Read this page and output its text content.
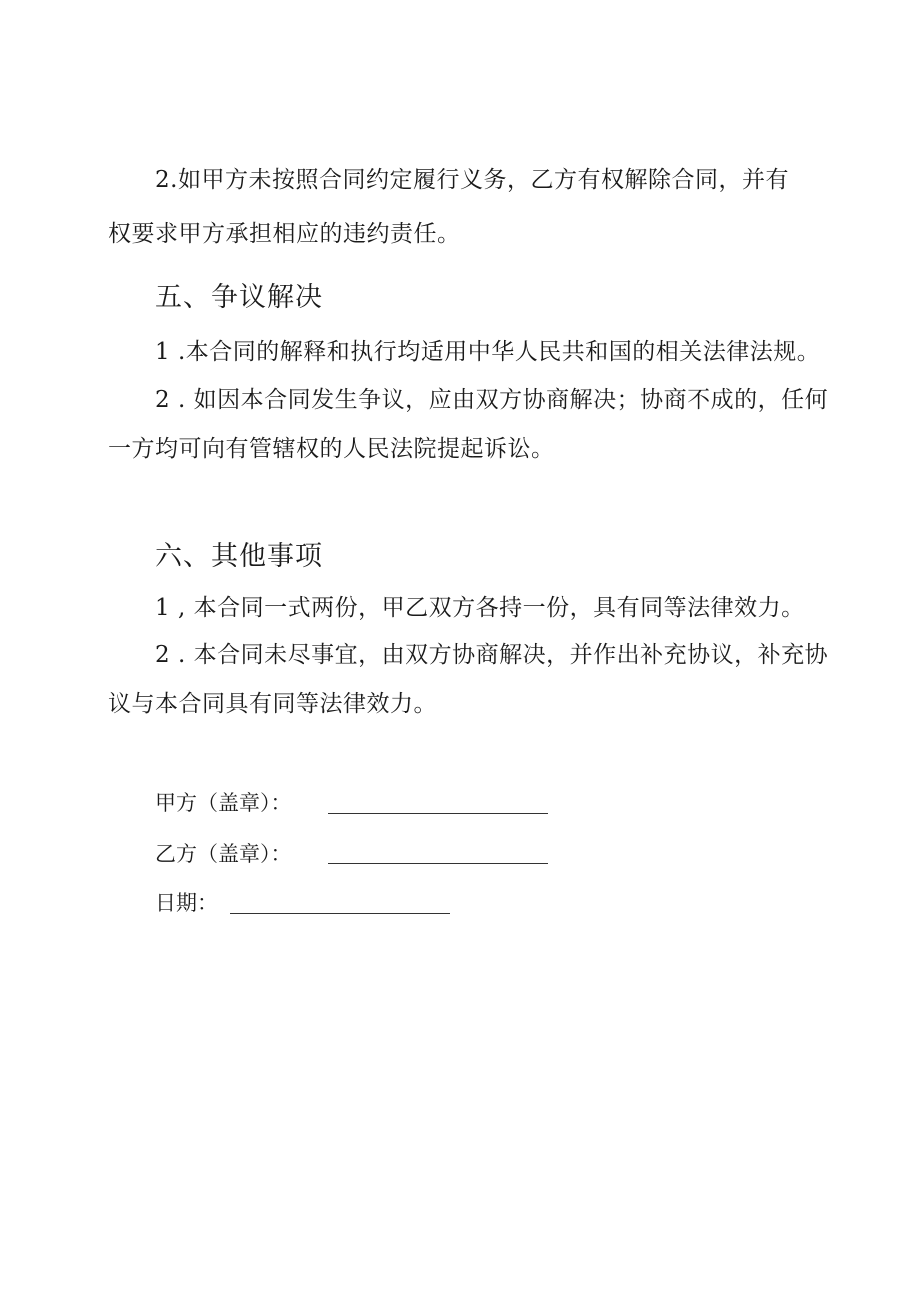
2.如甲方未按照合同约定履行义务，乙方有权解除合同，并有
权要求甲方承担相应的违约责任。
五、争议解决
1 .本合同的解释和执行均适用中华人民共和国的相关法律法规。
2 . 如因本合同发生争议，应由双方协商解决；协商不成的，任何
一方均可向有管辖权的人民法院提起诉讼。
六、其他事项
1 , 本合同一式两份，甲乙双方各持一份，具有同等法律效力。
2 . 本合同未尽事宜，由双方协商解决，并作出补充协议，补充协
议与本合同具有同等法律效力。
甲方（盖章）：
乙方（盖章）：
日期：
